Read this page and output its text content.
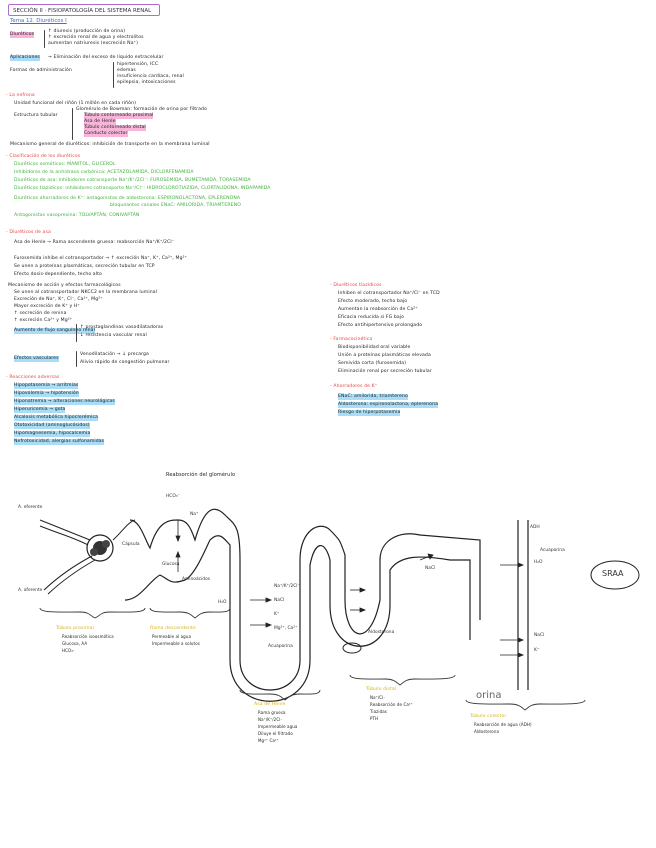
SECCIÓN II · FISIOPATOLOGÍA DEL SISTEMA RENAL
Tema 12. Diuréticos I
Diuréticos
↑ diuresis (producción de orina)
↑ excreción renal de agua y electrolitos
aumentan natriuresis (excreción Na⁺)
Aplicaciones → Eliminación del exceso de líquido extracelular
Formas de administración
hipertensión, ICC
edemas
insuficiencia cardíaca, renal
epilepsia, intoxicaciones
- La nefrona
Unidad funcional del riñón (1 millón en cada riñón)
Estructura tubular
Glomérulo de Bowman: formación de orina por filtrado
Túbulo contorneado proximal
Asa de Henle
Túbulo contorneado distal
Conducto colector
Mecanismo general de diuréticos: inhibición de transporte en la membrana luminal
- Clasificación de los diuréticos
Diuréticos osmóticos: MANITOL, GLICEROL
Inhibidores de la anhidrasa carbónica: ACETAZOLAMIDA, DICLORFENAMIDA
Diuréticos de asa: inhibidores cotransporte Na⁺/K⁺/2Cl⁻: FUROSEMIDA, BUMETANIDA, TORASEMIDA
Diuréticos tiazídicos: inhibidores cotransporte Na⁺/Cl⁻: HIDROCLOROTIAZIDA, CLORTALIDONA, INDAPAMIDA
Diuréticos ahorradores de K⁺: antagonistas de aldosterona: ESPIRONOLACTONA, EPLERENONA
bloqueantes canales ENaC: AMILORIDA, TRIAMTERENO
Antagonistas vasopresina: TOLVAPTÁN, CONIVAPTÁN
- Diuréticos de asa
Asa de Henle → Rama ascendente gruesa: reabsorción Na⁺/K⁺/2Cl⁻
Furosemida inhibe el cotransportador → ↑ excreción Na⁺, K⁺, Ca²⁺, Mg²⁺
Se unen a proteínas plasmáticas, secreción tubular en TCP
Efecto dosis-dependiente, techo alto
Mecanismo de acción y efectos farmacológicos
Se unen al cotransportador NKCC2 en la membrana luminal
Excreción de Na⁺, K⁺, Cl⁻, Ca²⁺, Mg²⁺
Mayor excreción de K⁺ y H⁺
↑ secreción de renina
↑ excreción Ca²⁺ y Mg²⁺
Aumento de flujo sanguíneo renal
↑ prostaglandinas vasodilatadoras
↓ resistencia vascular renal
Efectos vasculares
Venodilatación → ↓ precarga
Alivio rápido de congestión pulmonar
- Reacciones adversas
Hipopotasemia → arritmias
Hipovolemia → hipotensión
Hiponatremia → alteraciones neurológicas
Hiperuricemia → gota
Alcalosis metabólica hipoclorémica
Ototoxicidad (aminoglucósidos)
Hipomagnesemia, hipocalcemia
Nefrotoxicidad, alergias sulfonamidas
- Diuréticos tiazídicos
Inhiben el cotransportador Na⁺/Cl⁻ en TCD
Efecto moderado, techo bajo
Aumentan la reabsorción de Ca²⁺
Eficacia reducida si FG bajo
Efecto antihipertensivo prolongado
- Farmacocinética
Biodisponibilidad oral variable
Unión a proteínas plasmáticas elevada
Semivida corta (furosemida)
Eliminación renal por secreción tubular
- Ahorradores de K⁺
ENaC: amilorida, triamtereno
Aldosterona: espironolactona, eplerenona
Riesgo de hiperpotasemia
Reabsorción del glomérulo
A. eferente
A. aferente
Cápsula
HCO₃⁻
Na⁺
Glucosa
Aminoácidos
H₂O
Na⁺/K⁺/2Cl⁻
NaCl
K⁺
Mg²⁺, Ca²⁺
Aldosterona
NaCl
ADH
Acuaporina
H₂O
NaCl
K⁺
SRAA
orina
Acuaporina
Túbulo proximal
Reabsorción isoosmótica
Glucosa, AA
HCO₃⁻
Rama descendente
Permeable al agua
Impermeable a solutos
Asa de Henle
Rama gruesa
Na⁺/K⁺/2Cl⁻
Impermeable agua
Diluye el filtrado
Mg²⁺ Ca²⁺
Túbulo distal
Na⁺/Cl⁻
Reabsorción de Ca²⁺
Tiazidas
PTH	Túbulo colector
Reabsorción de agua (ADH)
Aldosterona
